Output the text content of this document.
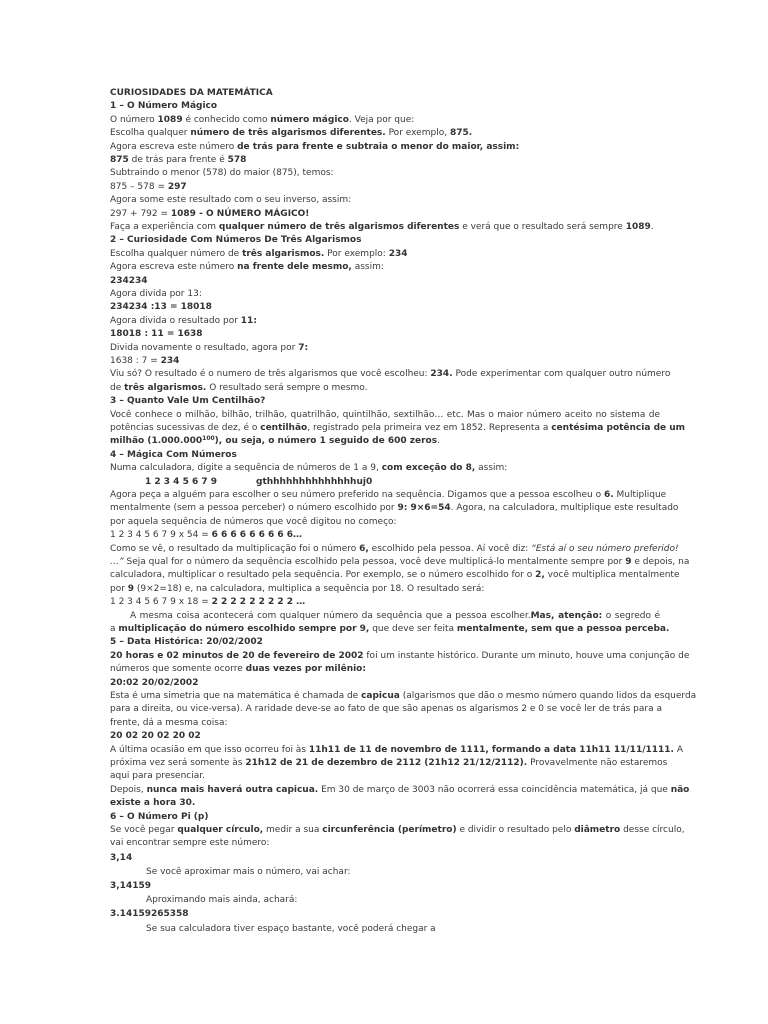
CURIOSIDADES DA MATEMÁTICA
1 – O Número Mágico
O número 1089 é conhecido como número mágico. Veja por que:
Escolha qualquer número de três algarismos diferentes. Por exemplo, 875.
Agora escreva este número de trás para frente e subtraia o menor do maior, assim:
875 de trás para frente é 578
Subtraindo o menor (578) do maior (875), temos:
875 – 578 = 297
Agora some este resultado com o seu inverso, assim:
297 + 792 = 1089 - O NÚMERO MÁGICO!
Faça a experiência com qualquer número de três algarismos diferentes e verá que o resultado será sempre 1089.
2 – Curiosidade Com Números De Três Algarismos
Escolha qualquer número de três algarismos. Por exemplo: 234
Agora escreva este número na frente dele mesmo, assim:
234234
Agora divida por 13:
234234 :13 = 18018
Agora divida o resultado por 11:
18018 : 11 = 1638
Divida novamente o resultado, agora por 7:
1638 : 7 = 234
Viu só? O resultado é o numero de três algarismos que você escolheu: 234. Pode experimentar com qualquer outro número
de três algarismos. O resultado será sempre o mesmo.
3 – Quanto Vale Um Centilhão?
Você conhece o milhão, bilhão, trilhão, quatrilhão, quintilhão, sextilhão… etc. Mas o maior número aceito no sistema de
potências sucessivas de dez, é o centilhão, registrado pela primeira vez em 1852. Representa a centésima potência de um
milhão (1.000.000$^{100}$), ou seja, o número 1 seguido de 600 zeros.
4 – Mágica Com Números
Numa calculadora, digite a sequência de números de 1 a 9, com exceção do 8, assim:
1 2 3 4 5 6 7 9	gthhhhhhhhhhhhhhuj0
Agora peça a alguém para escolher o seu número preferido na sequência. Digamos que a pessoa escolheu o 6. Multiplique
mentalmente (sem a pessoa perceber) o número escolhido por 9: 9×6=54. Agora, na calculadora, multiplique este resultado
por aquela sequência de números que você digitou no começo:
1 2 3 4 5 6 7 9 x 54 = 6 6 6 6 6 6 6 6 6…
Como se vê, o resultado da multiplicação foi o número 6, escolhido pela pessoa. Aí você diz: “Está aí o seu número preferido!
…” Seja qual for o número da sequência escolhido pela pessoa, você deve multiplicá-lo mentalmente sempre por 9 e depois, na
calculadora, multiplicar o resultado pela sequência. Por exemplo, se o número escolhido for o 2, você multiplica mentalmente
por 9 (9×2=18) e, na calculadora, multiplica a sequência por 18. O resultado será:
1 2 3 4 5 6 7 9 x 18 = 2 2 2 2 2 2 2 2 2 …
A mesma coisa acontecerá com qualquer número da sequência que a pessoa escolher.Mas, atenção: o segredo é
a multiplicação do número escolhido sempre por 9, que deve ser feita mentalmente, sem que a pessoa perceba.
5 – Data Histórica: 20/02/2002
20 horas e 02 minutos de 20 de fevereiro de 2002 foi um instante histórico. Durante um minuto, houve uma conjunção de
números que somente ocorre duas vezes por milênio:
20:02 20/02/2002
Esta é uma simetria que na matemática é chamada de capicua (algarismos que dão o mesmo número quando lidos da esquerda
para a direita, ou vice-versa). A raridade deve-se ao fato de que são apenas os algarismos 2 e 0 se você ler de trás para a
frente, dá a mesma coisa:
20 02 20 02 20 02
A última ocasião em que isso ocorreu foi às 11h11 de 11 de novembro de 1111, formando a data 11h11 11/11/1111. A
próxima vez será somente às 21h12 de 21 de dezembro de 2112 (21h12 21/12/2112). Provavelmente não estaremos
aqui para presenciar.
Depois, nunca mais haverá outra capicua. Em 30 de março de 3003 não ocorrerá essa coincidência matemática, já que não
existe a hora 30.
6 – O Número Pi (p)
Se você pegar qualquer círculo, medir a sua circunferência (perímetro) e dividir o resultado pelo diâmetro desse círculo,
vai encontrar sempre este número:
3,14
Se você aproximar mais o número, vai achar:
3,14159
Aproximando mais ainda, achará:
3.14159265358
Se sua calculadora tiver espaço bastante, você poderá chegar a
